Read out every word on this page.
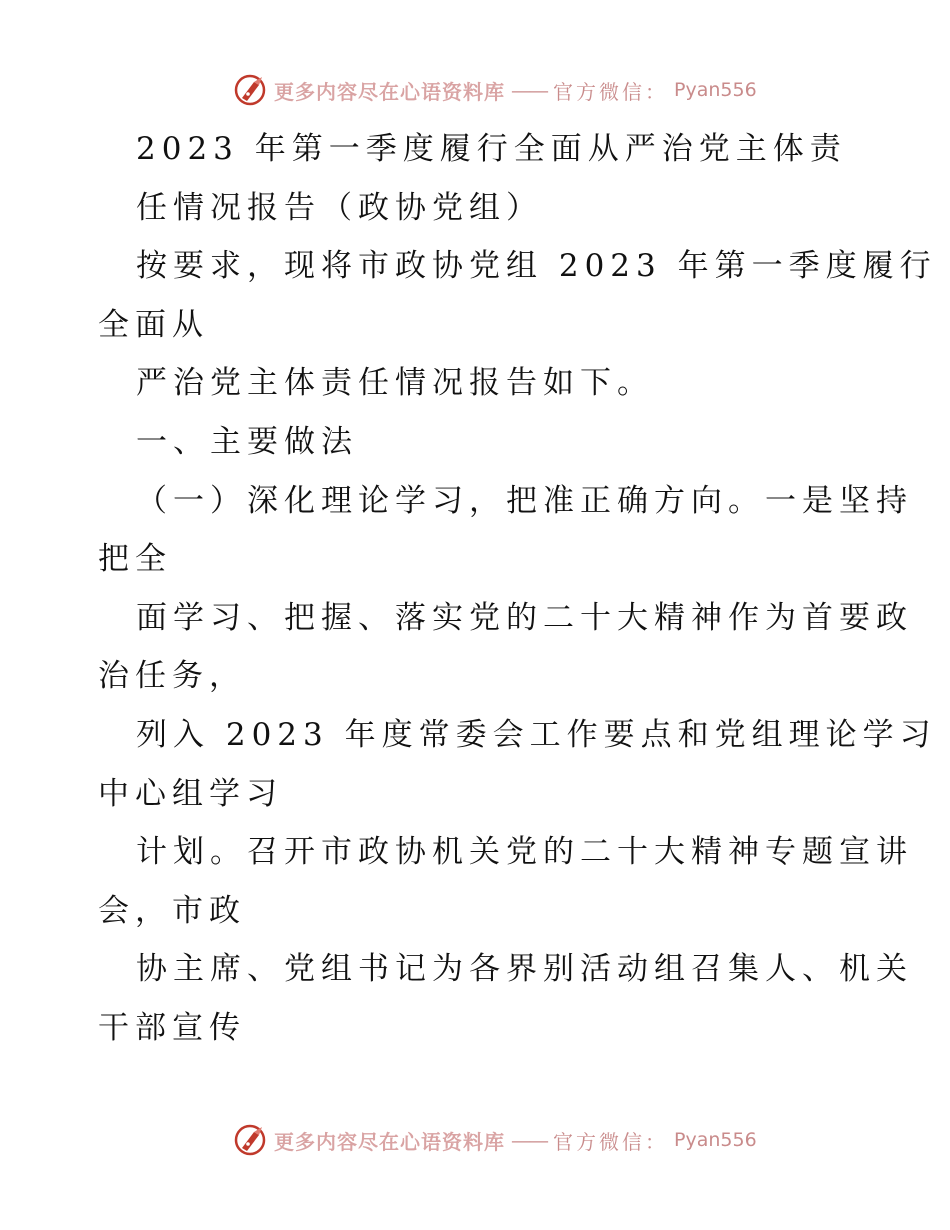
更多内容尽在心语资料库 —— 官方微信： Pyan556
2023 年第一季度履行全面从严治党主体责
任情况报告（政协党组）
按要求，现将市政协党组 2023 年第一季度履行
全面从
严治党主体责任情况报告如下。
一、主要做法
（一）深化理论学习，把准正确方向。一是坚持
把全
面学习、把握、落实党的二十大精神作为首要政
治任务，
列入 2023 年度常委会工作要点和党组理论学习
中心组学习
计划。召开市政协机关党的二十大精神专题宣讲
会，市政
协主席、党组书记为各界别活动组召集人、机关
干部宣传
更多内容尽在心语资料库 —— 官方微信： Pyan556
